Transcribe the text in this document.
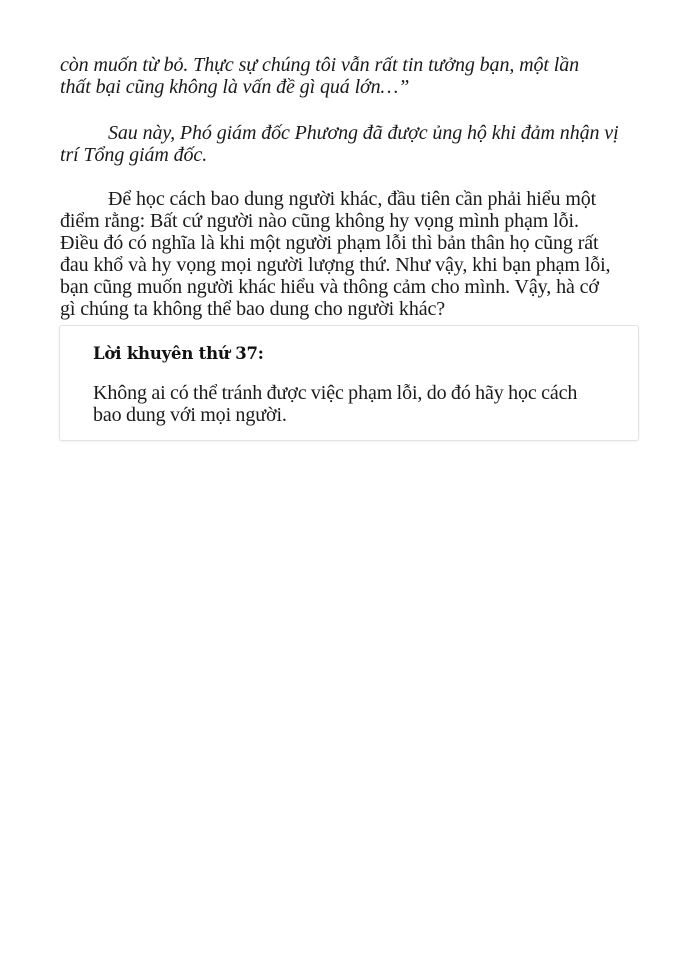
còn muốn từ bỏ. Thực sự chúng tôi vẫn rất tin tưởng bạn, một lần
thất bại cũng không là vấn đề gì quá lớn…”

Sau này, Phó giám đốc Phương đã được ủng hộ khi đảm nhận vị
trí Tổng giám đốc.

Để học cách bao dung người khác, đầu tiên cần phải hiểu một
điểm rằng: Bất cứ người nào cũng không hy vọng mình phạm lỗi.
Điều đó có nghĩa là khi một người phạm lỗi thì bản thân họ cũng rất
đau khổ và hy vọng mọi người lượng thứ. Như vậy, khi bạn phạm lỗi,
bạn cũng muốn người khác hiểu và thông cảm cho mình. Vậy, hà cớ
gì chúng ta không thể bao dung cho người khác?

Lời khuyên thứ 37:

Không ai có thể tránh được việc phạm lỗi, do đó hãy học cách
bao dung với mọi người.
